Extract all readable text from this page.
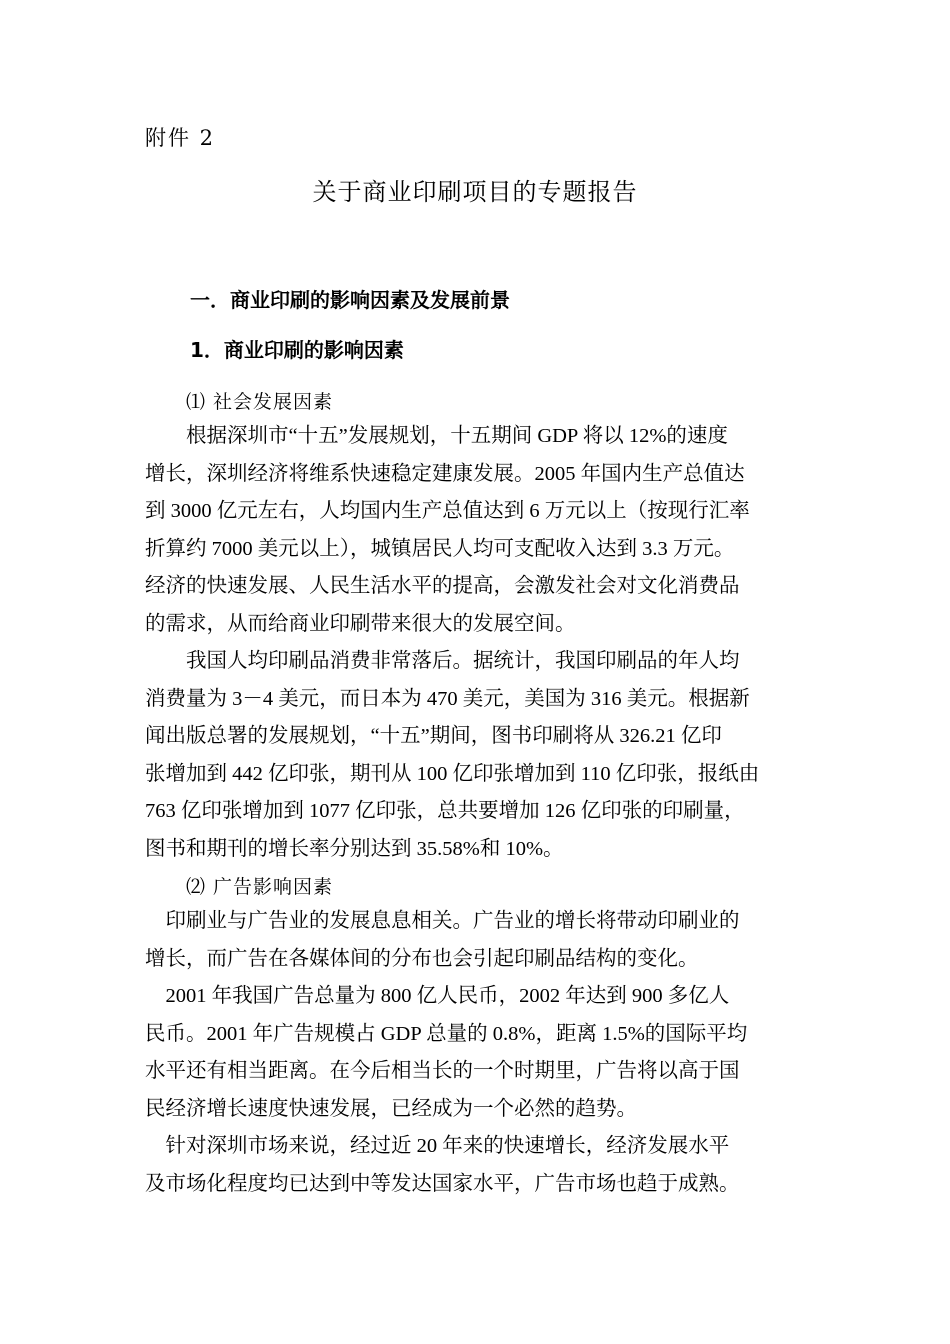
附件 2
关于商业印刷项目的专题报告
一．商业印刷的影响因素及发展前景
1．商业印刷的影响因素
⑴ 社会发展因素
　　根据深圳市“十五”发展规划，十五期间 GDP 将以 12%的速度
增长，深圳经济将维系快速稳定建康发展。2005 年国内生产总值达
到 3000 亿元左右，人均国内生产总值达到 6 万元以上（按现行汇率
折算约 7000 美元以上），城镇居民人均可支配收入达到 3.3 万元。
经济的快速发展、人民生活水平的提高，会激发社会对文化消费品
的需求，从而给商业印刷带来很大的发展空间。
　　我国人均印刷品消费非常落后。据统计，我国印刷品的年人均
消费量为 3－4 美元，而日本为 470 美元，美国为 316 美元。根据新
闻出版总署的发展规划，“十五”期间，图书印刷将从 326.21 亿印
张增加到 442 亿印张，期刊从 100 亿印张增加到 110 亿印张，报纸由
763 亿印张增加到 1077 亿印张，总共要增加 126 亿印张的印刷量，
图书和期刊的增长率分别达到 35.58%和 10%。
⑵ 广告影响因素
　印刷业与广告业的发展息息相关。广告业的增长将带动印刷业的
增长，而广告在各媒体间的分布也会引起印刷品结构的变化。
　2001 年我国广告总量为 800 亿人民币，2002 年达到 900 多亿人
民币。2001 年广告规模占 GDP 总量的 0.8%，距离 1.5%的国际平均
水平还有相当距离。在今后相当长的一个时期里，广告将以高于国
民经济增长速度快速发展，已经成为一个必然的趋势。
　针对深圳市场来说，经过近 20 年来的快速增长，经济发展水平
及市场化程度均已达到中等发达国家水平，广告市场也趋于成熟。
